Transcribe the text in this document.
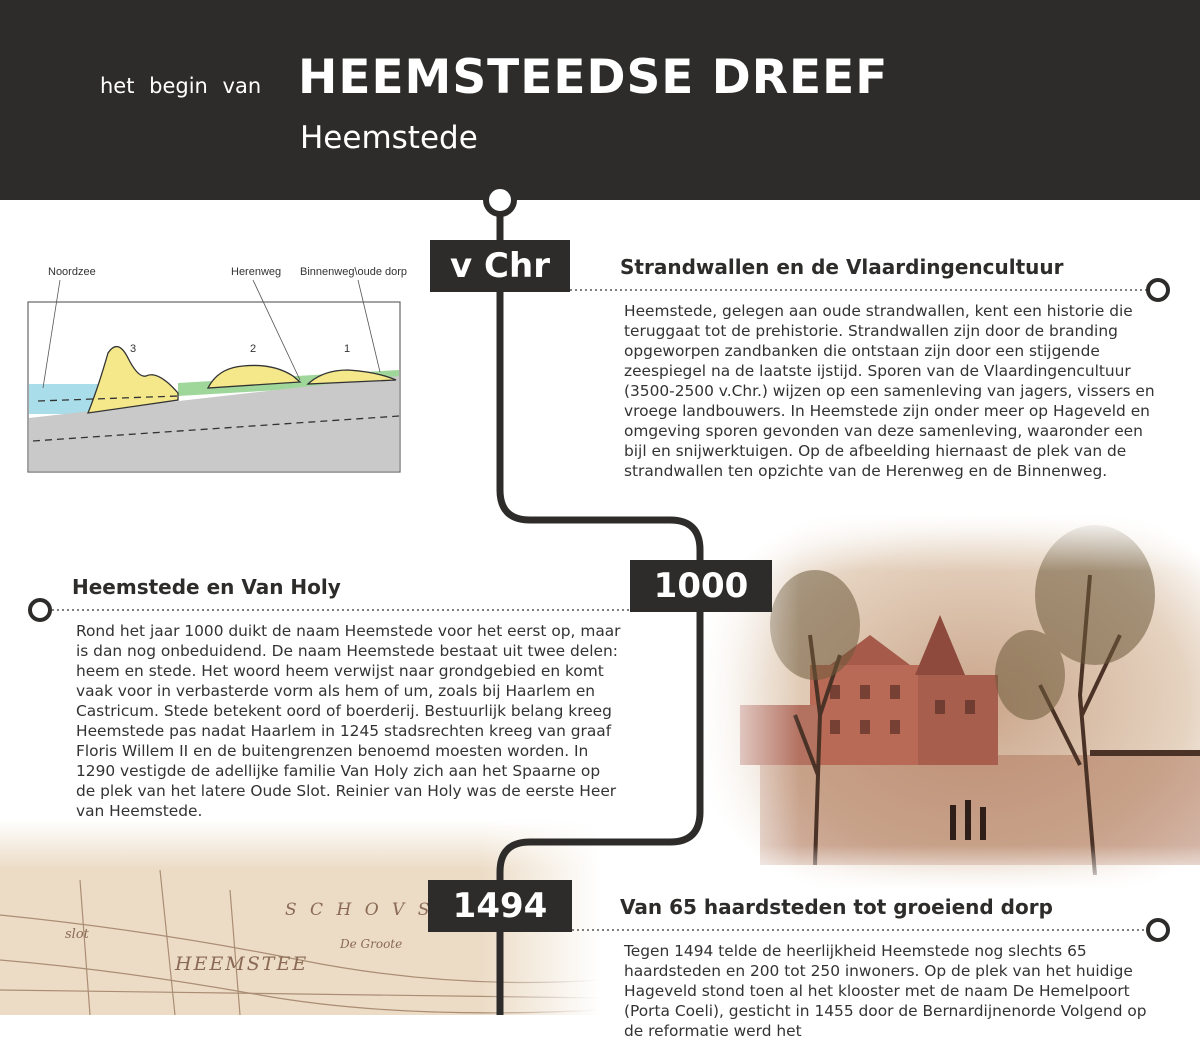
het begin van HEEMSTEEDSE DREEF
Heemstede
Noordzee	Herenweg Binnenweg\oude dorp
3	2	1
v Chr
1000
1494
Strandwallen en de Vlaardingencultuur
Heemstede, gelegen aan oude strandwallen, kent een historie die teruggaat tot de prehistorie. Strandwallen zijn door de branding opgeworpen zandbanken die ontstaan zijn door een stijgende zeespiegel na de laatste ijstijd. Sporen van de Vlaardingencultuur (3500-2500 v.Chr.) wijzen op een samenleving van jagers, vissers en vroege landbouwers. In Heemstede zijn onder meer op Hageveld en omgeving sporen gevonden van deze samenleving, waaronder een bijl en snijwerktuigen. Op de afbeelding hiernaast de plek van de strandwallen ten opzichte van de Herenweg en de Binnenweg.
Heemstede en Van Holy
Rond het jaar 1000 duikt de naam Heemstede voor het eerst op, maar is dan nog onbeduidend. De naam Heemstede bestaat uit twee delen: heem en stede. Het woord heem verwijst naar grondgebied en komt vaak voor in verbasterde vorm als hem of um, zoals bij Haarlem en Castricum. Stede betekent oord of boerderij. Bestuurlijk belang kreeg Heemstede pas nadat Haarlem in 1245 stadsrechten kreeg van graaf Floris Willem II en de buitengrenzen benoemd moesten worden. In 1290 vestigde de adellijke familie Van Holy zich aan het Spaarne op de plek van het latere Oude Slot. Reinier van Holy was de eerste Heer van Heemstede.
Van 65 haardsteden tot groeiend dorp
Tegen 1494 telde de heerlijkheid Heemstede nog slechts 65 haardsteden en 200 tot 250 inwoners. Op de plek van het huidige Hageveld stond toen al het klooster met de naam De Hemelpoort (Porta Coeli), gesticht in 1455 door de Bernardijnenorde Volgend op de reformatie werd het
